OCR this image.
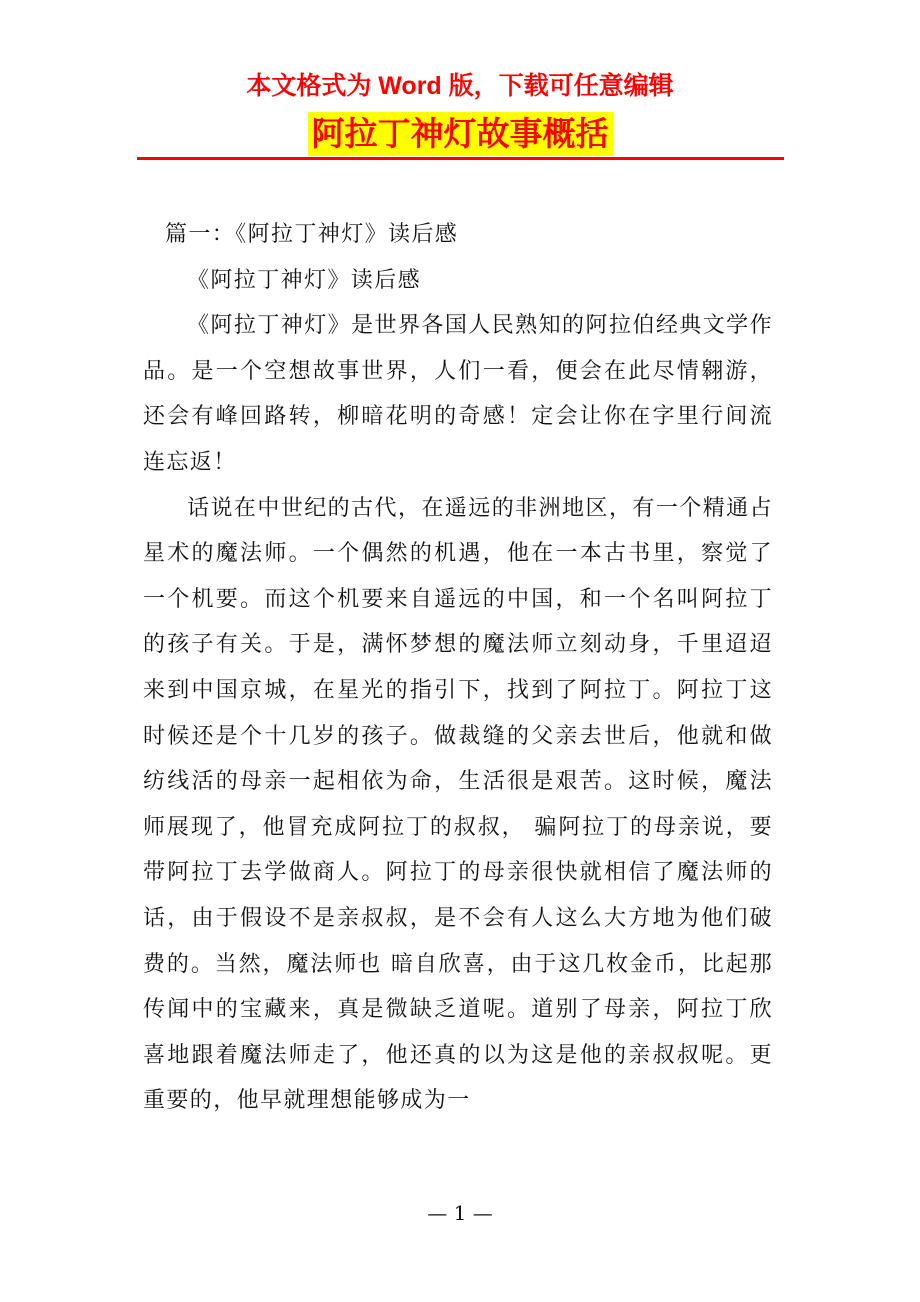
本文格式为 Word 版，下载可任意编辑
阿拉丁神灯故事概括

篇一：《阿拉丁神灯》读后感

《阿拉丁神灯》读后感

《阿拉丁神灯》是世界各国人民熟知的阿拉伯经典文学作品。是一个空想故事世界，人们一看，便会在此尽情翱游，还会有峰回路转，柳暗花明的奇感！定会让你在字里行间流连忘返！

话说在中世纪的古代，在遥远的非洲地区，有一个精通占星术的魔法师。一个偶然的机遇，他在一本古书里，察觉了一个机要。而这个机要来自遥远的中国，和一个名叫阿拉丁的孩子有关。于是，满怀梦想的魔法师立刻动身，千里迢迢来到中国京城，在星光的指引下，找到了阿拉丁。阿拉丁这时候还是个十几岁的孩子。做裁缝的父亲去世后，他就和做纺线活的母亲一起相依为命，生活很是艰苦。这时候，魔法师展现了，他冒充成阿拉丁的叔叔， 骗阿拉丁的母亲说，要带阿拉丁去学做商人。阿拉丁的母亲很快就相信了魔法师的话，由于假设不是亲叔叔，是不会有人这么大方地为他们破费的。当然，魔法师也 暗自欣喜，由于这几枚金币，比起那传闻中的宝藏来，真是微缺乏道呢。道别了母亲，阿拉丁欣喜地跟着魔法师走了，他还真的以为这是他的亲叔叔呢。更重要的，他早就理想能够成为一

— 1 —
